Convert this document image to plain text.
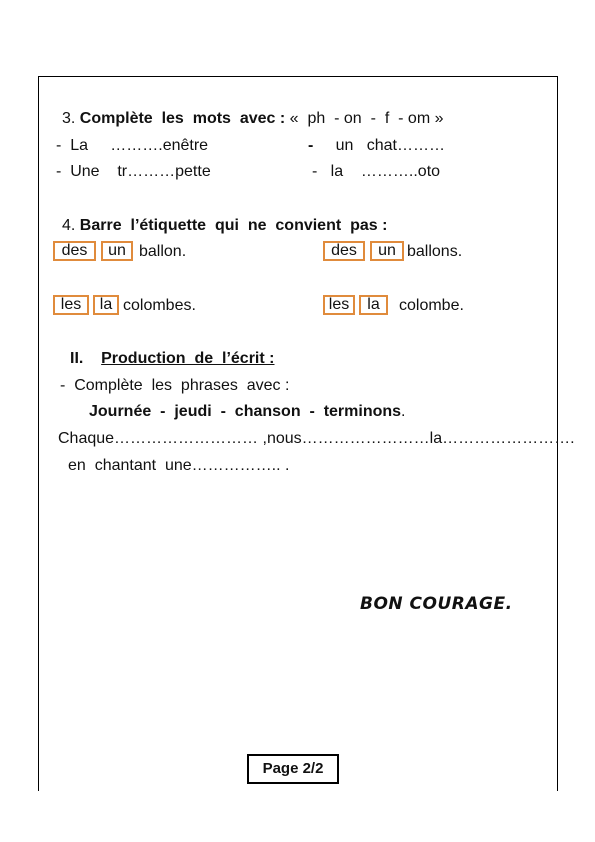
3. Complète  les  mots  avec : «  ph  - on  -  f  - om »
- La     ……….enêtre	- un   chat………
- Une    tr………pette	- la    ………..oto
4. Barre  l’étiquette  qui  ne  convient  pas :
des	un ballon.	des	un ballons.
les	la colombes.	les	la	colombe.
II. Production  de  l’écrit :
-  Complète  les  phrases  avec :
Journée  -  jeudi  -  chanson  -  terminons.
Chaque……………………… ,nous……………………la…………………….
en  chantant  une…………….. .
BON COURAGE.
Page 2/2
